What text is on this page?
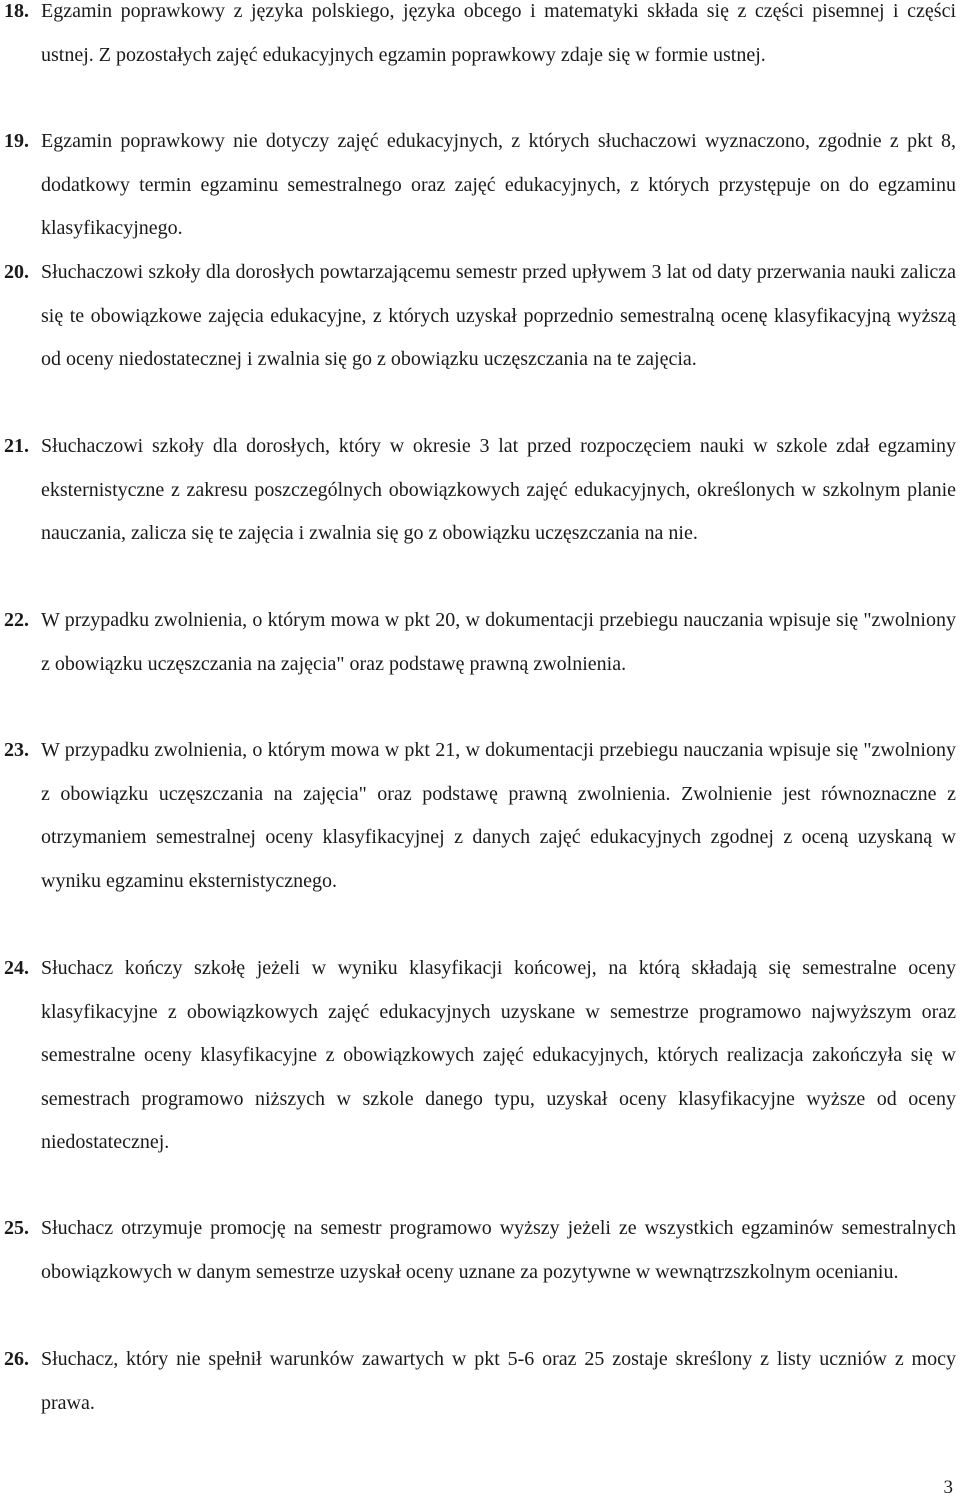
18. Egzamin poprawkowy z języka polskiego, języka obcego i matematyki składa się z części pisemnej i części ustnej. Z pozostałych zajęć edukacyjnych egzamin poprawkowy zdaje się w formie ustnej.
19. Egzamin poprawkowy nie dotyczy zajęć edukacyjnych, z których słuchaczowi wyznaczono, zgodnie z pkt 8, dodatkowy termin egzaminu semestralnego oraz zajęć edukacyjnych, z których przystępuje on do egzaminu klasyfikacyjnego.
20. Słuchaczowi szkoły dla dorosłych powtarzającemu semestr przed upływem 3 lat od daty przerwania nauki zalicza się te obowiązkowe zajęcia edukacyjne, z których uzyskał poprzednio semestralną ocenę klasyfikacyjną wyższą od oceny niedostatecznej i zwalnia się go z obowiązku uczęszczania na te zajęcia.
21. Słuchaczowi szkoły dla dorosłych, który w okresie 3 lat przed rozpoczęciem nauki w szkole zdał egzaminy eksternistyczne z zakresu poszczególnych obowiązkowych zajęć edukacyjnych, określonych w szkolnym planie nauczania, zalicza się te zajęcia i zwalnia się go z obowiązku uczęszczania na nie.
22. W przypadku zwolnienia, o którym mowa w pkt 20, w dokumentacji przebiegu nauczania wpisuje się "zwolniony z obowiązku uczęszczania na zajęcia" oraz podstawę prawną zwolnienia.
23. W przypadku zwolnienia, o którym mowa w pkt 21, w dokumentacji przebiegu nauczania wpisuje się "zwolniony z obowiązku uczęszczania na zajęcia" oraz podstawę prawną zwolnienia. Zwolnienie jest równoznaczne z otrzymaniem semestralnej oceny klasyfikacyjnej z danych zajęć edukacyjnych zgodnej z oceną uzyskaną w wyniku egzaminu eksternistycznego.
24. Słuchacz kończy szkołę jeżeli w wyniku klasyfikacji końcowej, na którą składają się semestralne oceny klasyfikacyjne z obowiązkowych zajęć edukacyjnych uzyskane w semestrze programowo najwyższym oraz semestralne oceny klasyfikacyjne z obowiązkowych zajęć edukacyjnych, których realizacja zakończyła się w semestrach programowo niższych w szkole danego typu, uzyskał oceny klasyfikacyjne wyższe od oceny niedostatecznej.
25. Słuchacz otrzymuje promocję na semestr programowo wyższy jeżeli ze wszystkich egzaminów semestralnych obowiązkowych w danym semestrze uzyskał oceny uznane za pozytywne w wewnątrzszkolnym ocenianiu.
26. Słuchacz, który nie spełnił warunków zawartych w pkt 5-6 oraz 25 zostaje skreślony z listy uczniów z mocy prawa.
3
